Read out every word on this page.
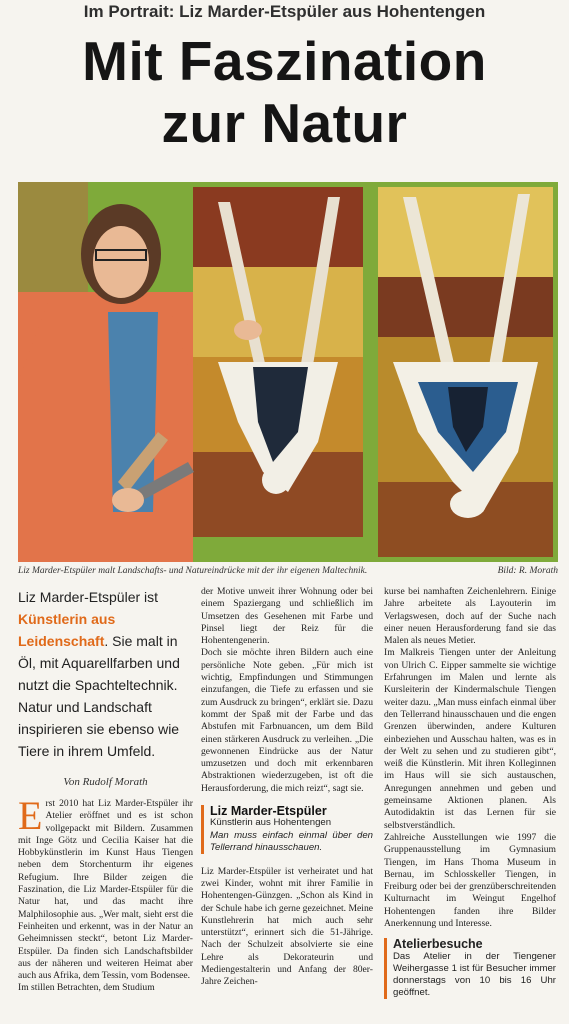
Im Portrait: Liz Marder-Etspüler aus Hohentengen
Mit Faszination
zur Natur
Liz Marder-Etspüler malt Landschafts- und Natureindrücke mit der ihr eigenen Maltechnik.	Bild: R. Morath
Liz Marder-Etspüler ist Künstlerin aus Leidenschaft. Sie malt in Öl, mit Aquarellfarben und nutzt die Spachteltechnik. Natur und Landschaft inspirieren sie ebenso wie Tiere in ihrem Umfeld.
Von Rudolf Morath

Erst 2010 hat Liz Marder-Etspüler ihr Atelier eröffnet und es ist schon vollgepackt mit Bildern. Zusammen mit Inge Götz und Cecilia Kaiser hat die Hobbykünstlerin im Kunst Haus Tiengen neben dem Storchenturm ihr eigenes Refugium. Ihre Bilder zeigen die Faszination, die Liz Marder-Etspüler für die Natur hat, und das macht ihre Malphilosophie aus. „Wer malt, sieht erst die Feinheiten und erkennt, was in der Natur an Geheimnissen steckt“, betont Liz Marder-Etspüler. Da finden sich Landschaftsbilder aus der näheren und weiteren Heimat aber auch aus Afrika, dem Tessin, vom Bodensee.

Im stillen Betrachten, dem Studium

der Motive unweit ihrer Wohnung oder bei einem Spaziergang und schließlich im Umsetzen des Gesehenen mit Farbe und Pinsel liegt der Reiz für die Hohentengenerin.

Doch sie möchte ihren Bildern auch eine persönliche Note geben. „Für mich ist wichtig, Empfindungen und Stimmungen einzufangen, die Tiefe zu erfassen und sie zum Ausdruck zu bringen“, erklärt sie. Dazu kommt der Spaß mit der Farbe und das Abstufen mit Farbnuancen, um dem Bild einen stärkeren Ausdruck zu verleihen. „Die gewonnenen Eindrücke aus der Natur umzusetzen und doch mit erkennbaren Abstraktionen wiederzugeben, ist oft die Herausforderung, die mich reizt“, sagt sie.

Liz Marder-Etspüler
Künstlerin aus Hohentengen
Man muss einfach einmal über den Tellerrand hinausschauen.

Liz Marder-Etspüler ist verheiratet und hat zwei Kinder, wohnt mit ihrer Familie in Hohentengen-Günzgen. „Schon als Kind in der Schule habe ich gerne gezeichnet. Meine Kunstlehrerin hat mich auch sehr unterstützt“, erinnert sich die 51-Jährige. Nach der Schulzeit absolvierte sie eine Lehre als Dekorateurin und Mediengestalterin und Anfang der 80er-Jahre Zeichen-

kurse bei namhaften Zeichenlehrern. Einige Jahre arbeitete als Layouterin im Verlagswesen, doch auf der Suche nach einer neuen Herausforderung fand sie das Malen als neues Metier.

Im Malkreis Tiengen unter der Anleitung von Ulrich C. Eipper sammelte sie wichtige Erfahrungen im Malen und lernte als Kursleiterin der Kindermalschule Tiengen weiter dazu. „Man muss einfach einmal über den Tellerrand hinausschauen und die engen Grenzen überwinden, andere Kulturen einbeziehen und Ausschau halten, was es in der Welt zu sehen und zu studieren gibt“, weiß die Künstlerin. Mit ihren Kolleginnen im Haus will sie sich austauschen, Anregungen annehmen und geben und gemeinsame Aktionen planen. Als Autodidaktin ist das Lernen für sie selbstverständlich.

Zahlreiche Ausstellungen wie 1997 die Gruppenausstellung im Gymnasium Tiengen, im Hans Thoma Museum in Bernau, im Schlosskeller Tiengen, in Freiburg oder bei der grenzüberschreitenden Kulturnacht im Weingut Engelhof Hohentengen fanden ihre Bilder Anerkennung und Interesse.

Atelierbesuche
Das Atelier in der Tiengener Weihergasse 1 ist für Besucher immer donnerstags von 10 bis 16 Uhr geöffnet.
